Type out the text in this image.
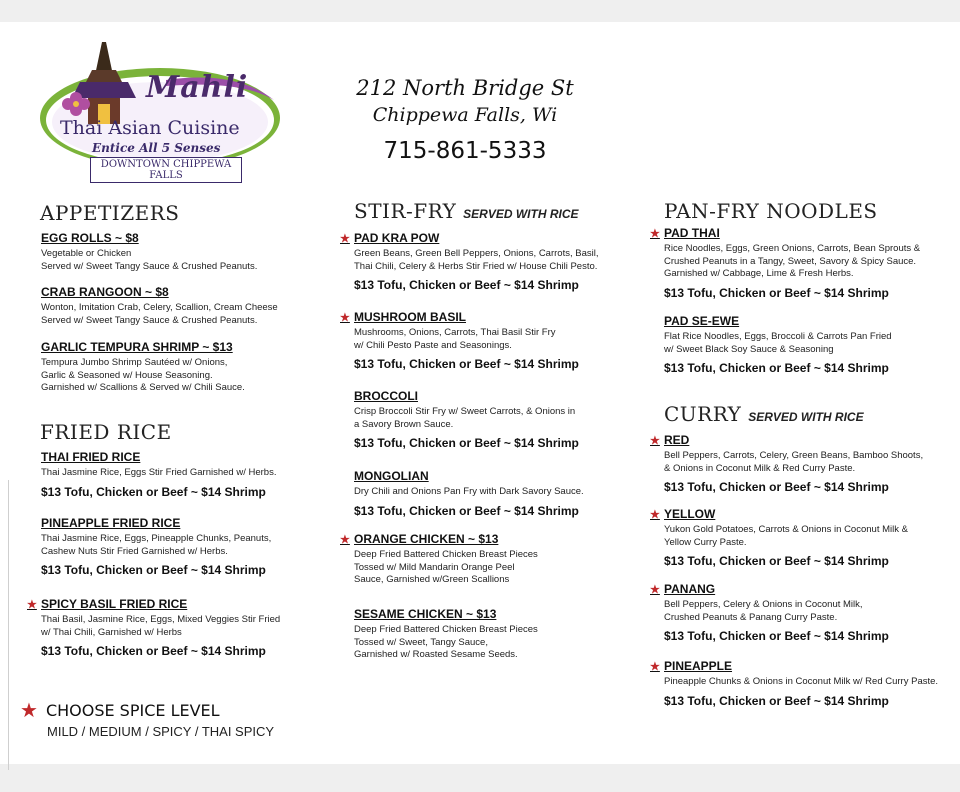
Mahli

Thai Asian Cuisine

Entice All 5 Senses

DOWNTOWN CHIPPEWA FALLS

212 North Bridge St

Chippewa Falls, Wi

715-861-5333

APPETIZERS

EGG ROLLS ~ $8

Vegetable or Chicken
Served w/ Sweet Tangy Sauce & Crushed Peanuts.

CRAB RANGOON ~ $8

Wonton, Imitation Crab, Celery, Scallion, Cream Cheese
Served w/ Sweet Tangy Sauce & Crushed Peanuts.

GARLIC TEMPURA SHRIMP ~ $13

Tempura Jumbo Shrimp Sautéed w/ Onions,
Garlic & Seasoned w/ House Seasoning.
Garnished w/ Scallions & Served w/ Chili Sauce.

FRIED RICE

THAI FRIED RICE

Thai Jasmine Rice, Eggs Stir Fried Garnished w/ Herbs.

$13 Tofu, Chicken or Beef ~ $14 Shrimp

PINEAPPLE FRIED RICE

Thai Jasmine Rice, Eggs, Pineapple Chunks, Peanuts,
Cashew Nuts Stir Fried Garnished w/ Herbs.

$13 Tofu, Chicken or Beef ~ $14 Shrimp

★ SPICY BASIL FRIED RICE

Thai Basil, Jasmine Rice, Eggs, Mixed Veggies Stir Fried
w/ Thai Chili, Garnished w/ Herbs

$13 Tofu, Chicken or Beef ~ $14 Shrimp

★ CHOOSE SPICE LEVEL

MILD / MEDIUM / SPICY / THAI SPICY

STIR-FRY SERVED WITH RICE

★ PAD KRA POW

Green Beans, Green Bell Peppers, Onions, Carrots, Basil,
Thai Chili, Celery & Herbs Stir Fried w/ House Chili Pesto.

$13 Tofu, Chicken or Beef ~ $14 Shrimp

★ MUSHROOM BASIL

Mushrooms, Onions, Carrots, Thai Basil Stir Fry
w/ Chili Pesto Paste and Seasonings.

$13 Tofu, Chicken or Beef ~ $14 Shrimp

BROCCOLI

Crisp Broccoli Stir Fry w/ Sweet Carrots, & Onions in
a Savory Brown Sauce.

$13 Tofu, Chicken or Beef ~ $14 Shrimp

MONGOLIAN

Dry Chili and Onions Pan Fry with Dark Savory Sauce.

$13 Tofu, Chicken or Beef ~ $14 Shrimp

★ ORANGE CHICKEN ~ $13

Deep Fried Battered Chicken Breast Pieces
Tossed w/ Mild Mandarin Orange Peel
Sauce, Garnished w/Green Scallions

SESAME CHICKEN ~ $13

Deep Fried Battered Chicken Breast Pieces
Tossed w/ Sweet, Tangy Sauce,
Garnished w/ Roasted Sesame Seeds.

PAN-FRY NOODLES

★ PAD THAI

Rice Noodles, Eggs, Green Onions, Carrots, Bean Sprouts &
Crushed Peanuts in a Tangy, Sweet, Savory & Spicy Sauce.
Garnished w/ Cabbage, Lime & Fresh Herbs.

$13 Tofu, Chicken or Beef ~ $14 Shrimp

PAD SE-EWE

Flat Rice Noodles, Eggs, Broccoli & Carrots Pan Fried
w/ Sweet Black Soy Sauce & Seasoning

$13 Tofu, Chicken or Beef ~ $14 Shrimp

CURRY SERVED WITH RICE

★ RED

Bell Peppers, Carrots, Celery, Green Beans, Bamboo Shoots,
& Onions in Coconut Milk & Red Curry Paste.

$13 Tofu, Chicken or Beef ~ $14 Shrimp

★ YELLOW

Yukon Gold Potatoes, Carrots & Onions in Coconut Milk &
Yellow Curry Paste.

$13 Tofu, Chicken or Beef ~ $14 Shrimp

★ PANANG

Bell Peppers, Celery & Onions in Coconut Milk,
Crushed Peanuts & Panang Curry Paste.

$13 Tofu, Chicken or Beef ~ $14 Shrimp

★ PINEAPPLE

Pineapple Chunks & Onions in Coconut Milk w/ Red Curry Paste.

$13 Tofu, Chicken or Beef ~ $14 Shrimp
